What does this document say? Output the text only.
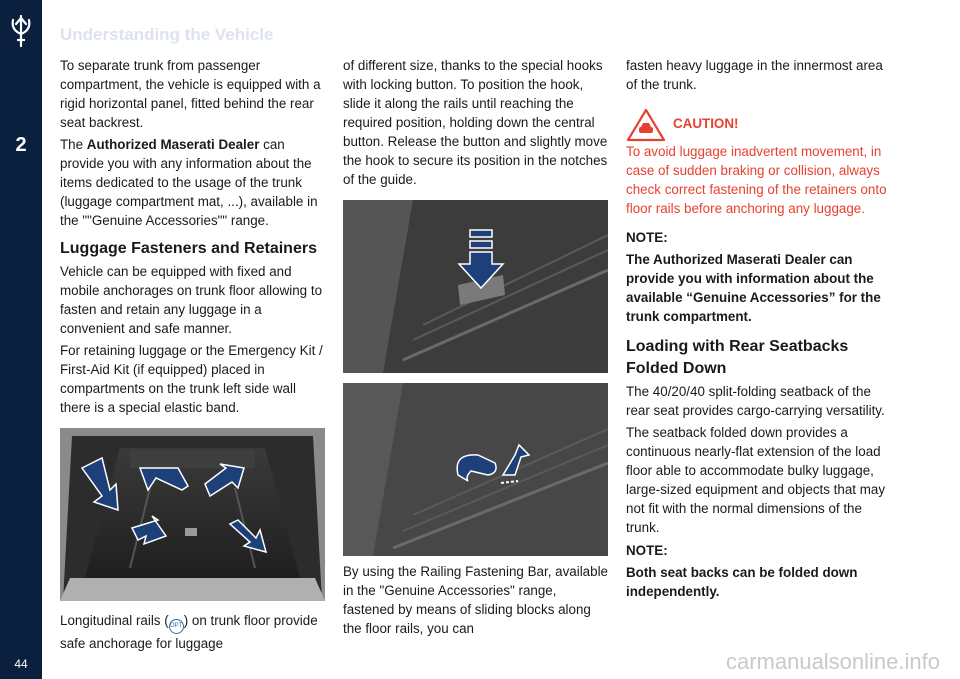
2
44
Understanding the Vehicle

To separate trunk from passenger compartment, the vehicle is equipped with a rigid horizontal panel, fitted behind the rear seat backrest.

The Authorized Maserati Dealer can provide you with any information about the items dedicated to the usage of the trunk (luggage compartment mat, ...), available in the ""Genuine Accessories"" range.

Luggage Fasteners and Retainers

Vehicle can be equipped with fixed and mobile anchorages on trunk floor allowing to fasten and retain any luggage in a convenient and safe manner.

For retaining luggage or the Emergency Kit / First-Aid Kit (if equipped) placed in compartments on the trunk left side wall there is a special elastic band.

Longitudinal rails (OPT) on trunk floor provide safe anchorage for luggage

of different size, thanks to the special hooks with locking button. To position the hook, slide it along the rails until reaching the required position, holding down the central button. Release the button and slightly move the hook to secure its position in the notches of the guide.

By using the Railing Fastening Bar, available in the "Genuine Accessories" range, fastened by means of sliding blocks along the floor rails, you can

fasten heavy luggage in the innermost area of the trunk.

CAUTION!

To avoid luggage inadvertent movement, in case of sudden braking or collision, always check correct fastening of the retainers onto floor rails before anchoring any luggage.

NOTE:

The Authorized Maserati Dealer can provide you with information about the available “Genuine Accessories” for the trunk compartment.

Loading with Rear Seatbacks Folded Down

The 40/20/40 split-folding seatback of the rear seat provides cargo-carrying versatility.

The seatback folded down provides a continuous nearly-flat extension of the load floor able to accommodate bulky luggage, large-sized equipment and objects that may not fit with the normal dimensions of the trunk.

NOTE:

Both seat backs can be folded down independently.

carmanualsonline.info
